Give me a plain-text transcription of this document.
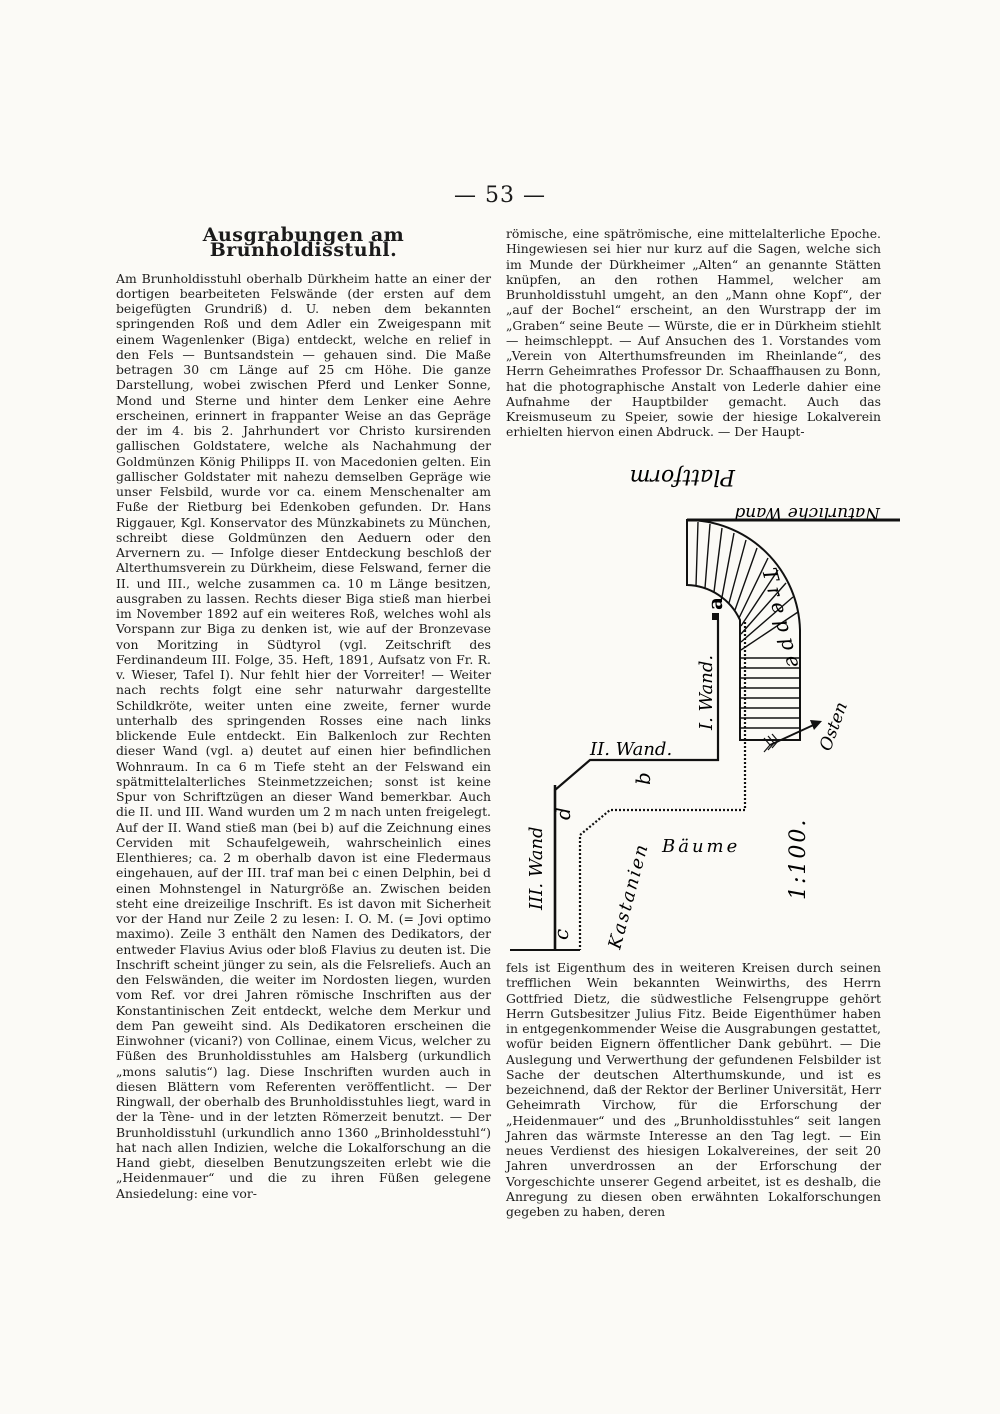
— 53 —
Ausgrabungen am Brunholdisstuhl.

Am Brunholdisstuhl oberhalb Dürkheim hatte an einer der dortigen bearbeiteten Felswände (der ersten auf dem beigefügten Grundriß) d. U. neben dem bekannten springenden Roß und dem Adler ein Zweigespann mit einem Wagenlenker (Biga) entdeckt, welche en relief in den Fels — Buntsandstein — gehauen sind. Die Maße betragen 30 cm Länge auf 25 cm Höhe. Die ganze Darstellung, wobei zwischen Pferd und Lenker Sonne, Mond und Sterne und hinter dem Lenker eine Aehre erscheinen, erinnert in frappanter Weise an das Gepräge der im 4. bis 2. Jahrhundert vor Christo kursirenden gallischen Goldstatere, welche als Nachahmung der Goldmünzen König Philipps II. von Macedonien gelten. Ein gallischer Goldstater mit nahezu demselben Gepräge wie unser Felsbild, wurde vor ca. einem Menschenalter am Fuße der Rietburg bei Edenkoben gefunden. Dr. Hans Riggauer, Kgl. Konservator des Münzkabinets zu München, schreibt diese Goldmünzen den Aeduern oder den Arvernern zu. — Infolge dieser Entdeckung beschloß der Alterthumsverein zu Dürkheim, diese Felswand, ferner die II. und III., welche zusammen ca. 10 m Länge besitzen, ausgraben zu lassen. Rechts dieser Biga stieß man hierbei im November 1892 auf ein weiteres Roß, welches wohl als Vorspann zur Biga zu denken ist, wie auf der Bronzevase von Moritzing in Südtyrol (vgl. Zeitschrift des Ferdinandeum III. Folge, 35. Heft, 1891, Aufsatz von Fr. R. v. Wieser, Tafel I). Nur fehlt hier der Vorreiter! — Weiter nach rechts folgt eine sehr naturwahr dargestellte Schildkröte, weiter unten eine zweite, ferner wurde unterhalb des springenden Rosses eine nach links blickende Eule entdeckt. Ein Balkenloch zur Rechten dieser Wand (vgl. a) deutet auf einen hier befindlichen Wohnraum. In ca 6 m Tiefe steht an der Felswand ein spätmittelalterliches Steinmetzzeichen; sonst ist keine Spur von Schriftzügen an dieser Wand bemerkbar. Auch die II. und III. Wand wurden um 2 m nach unten freigelegt. Auf der II. Wand stieß man (bei b) auf die Zeichnung eines Cerviden mit Schaufelgeweih, wahrscheinlich eines Elenthieres; ca. 2 m oberhalb davon ist eine Fledermaus eingehauen, auf der III. traf man bei c einen Delphin, bei d einen Mohnstengel in Naturgröße an. Zwischen beiden steht eine dreizeilige Inschrift. Es ist davon mit Sicherheit vor der Hand nur Zeile 2 zu lesen: I. O. M. (= Jovi optimo maximo). Zeile 3 enthält den Namen des Dedikators, der entweder Flavius Avius oder bloß Flavius zu deuten ist. Die Inschrift scheint jünger zu sein, als die Felsreliefs. Auch an den Felswänden, die weiter im Nordosten liegen, wurden vom Ref. vor drei Jahren römische Inschriften aus der Konstantinischen Zeit entdeckt, welche dem Merkur und dem Pan geweiht sind. Als Dedikatoren erscheinen die Einwohner (vicani?) von Collinae, einem Vicus, welcher zu Füßen des Brunholdisstuhles am Halsberg (urkundlich „mons salutis“) lag. Diese Inschriften wurden auch in diesen Blättern vom Referenten veröffentlicht. — Der Ringwall, der oberhalb des Brunholdisstuhles liegt, ward in der la Tène- und in der letzten Römerzeit benutzt. — Der Brunholdisstuhl (urkundlich anno 1360 „Brinholdesstuhl“) hat nach allen Indizien, welche die Lokalforschung an die Hand giebt, dieselben Benutzungszeiten erlebt wie die „Heidenmauer“ und die zu ihren Füßen gelegene Ansiedelung: eine vor-

römische, eine spätrömische, eine mittelalterliche Epoche. Hingewiesen sei hier nur kurz auf die Sagen, welche sich im Munde der Dürkheimer „Alten“ an genannte Stätten knüpfen, an den rothen Hammel, welcher am Brunholdisstuhl umgeht, an den „Mann ohne Kopf“, der „auf der Bochel“ erscheint, an den Wurstrapp der im „Graben“ seine Beute — Würste, die er in Dürkheim stiehlt — heimschleppt. — Auf Ansuchen des 1. Vorstandes vom „Verein von Alterthumsfreunden im Rheinlande“, des Herrn Geheimrathes Professor Dr. Schaaffhausen zu Bonn, hat die photographische Anstalt von Lederle dahier eine Aufnahme der Hauptbilder gemacht. Auch das Kreismuseum zu Speier, sowie der hiesige Lokalverein erhielten hiervon einen Abdruck. — Der Haupt-

Plattform
Natürliche Wand
Treppe
a
I. Wand.
II. Wand.
III. Wand
b
c
d
Osten
Kastanien Bäume 1:100.

fels ist Eigenthum des in weiteren Kreisen durch seinen trefflichen Wein bekannten Weinwirths, des Herrn Gottfried Dietz, die südwestliche Felsengruppe gehört Herrn Gutsbesitzer Julius Fitz. Beide Eigenthümer haben in entgegenkommender Weise die Ausgrabungen gestattet, wofür beiden Eignern öffentlicher Dank gebührt. — Die Auslegung und Verwerthung der gefundenen Felsbilder ist Sache der deutschen Alterthumskunde, und ist es bezeichnend, daß der Rektor der Berliner Universität, Herr Geheimrath Virchow, für die Erforschung der „Heidenmauer“ und des „Brunholdisstuhles“ seit langen Jahren das wärmste Interesse an den Tag legt. — Ein neues Verdienst des hiesigen Lokalvereines, der seit 20 Jahren unverdrossen an der Erforschung der Vorgeschichte unserer Gegend arbeitet, ist es deshalb, die Anregung zu diesen oben erwähnten Lokalforschungen gegeben zu haben, deren
